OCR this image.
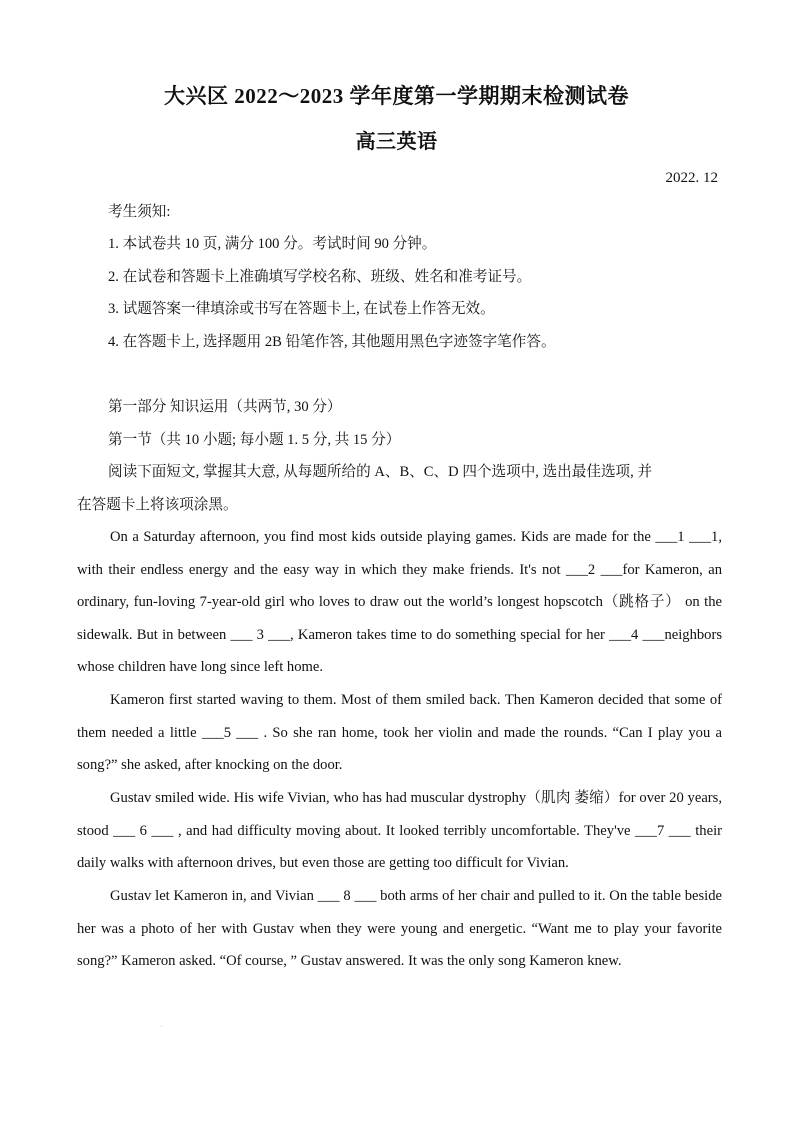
大兴区 2022～2023 学年度第一学期期末检测试卷
高三英语
2022. 12
考生须知:
1. 本试卷共 10 页, 满分 100 分。考试时间 90 分钟。
2. 在试卷和答题卡上准确填写学校名称、班级、姓名和准考证号。
3. 试题答案一律填涂或书写在答题卡上, 在试卷上作答无效。
4. 在答题卡上, 选择题用 2B 铅笔作答, 其他题用黑色字迹签字笔作答。
第一部分 知识运用（共两节, 30 分）
第一节（共 10 小题; 每小题 1. 5 分, 共 15 分）
阅读下面短文, 掌握其大意, 从每题所给的 A、B、C、D 四个选项中, 选出最佳选项, 并
在答题卡上将该项涂黑。
On a Saturday afternoon, you find most kids outside playing games. Kids are made for the ___1 ___1, with their endless energy and the easy way in which they make friends. It's not ___2 ___for Kameron, an ordinary, fun-loving 7-year-old girl who loves to draw out the world’s longest hopscotch（跳格子） on the sidewalk. But in between ___ 3 ___, Kameron takes time to do something special for her ___4 ___neighbors whose children have long since left home.
Kameron first started waving to them. Most of them smiled back. Then Kameron decided that some of them needed a little ___5 ___ . So she ran home, took her violin and made the rounds. “Can I play you a song?” she asked, after knocking on the door.
Gustav smiled wide. His wife Vivian, who has had muscular dystrophy（肌肉 萎缩）for over 20 years, stood ___ 6 ___ , and had difficulty moving about. It looked terribly uncomfortable. They've ___7 ___ their daily walks with afternoon drives, but even those are getting too difficult for Vivian.
Gustav let Kameron in, and Vivian ___ 8 ___ both arms of her chair and pulled to it. On the table beside her was a photo of her with Gustav when they were young and energetic. “Want me to play your favorite song?” Kameron asked. “Of course, ” Gustav answered. It was the only song Kameron knew.
·
